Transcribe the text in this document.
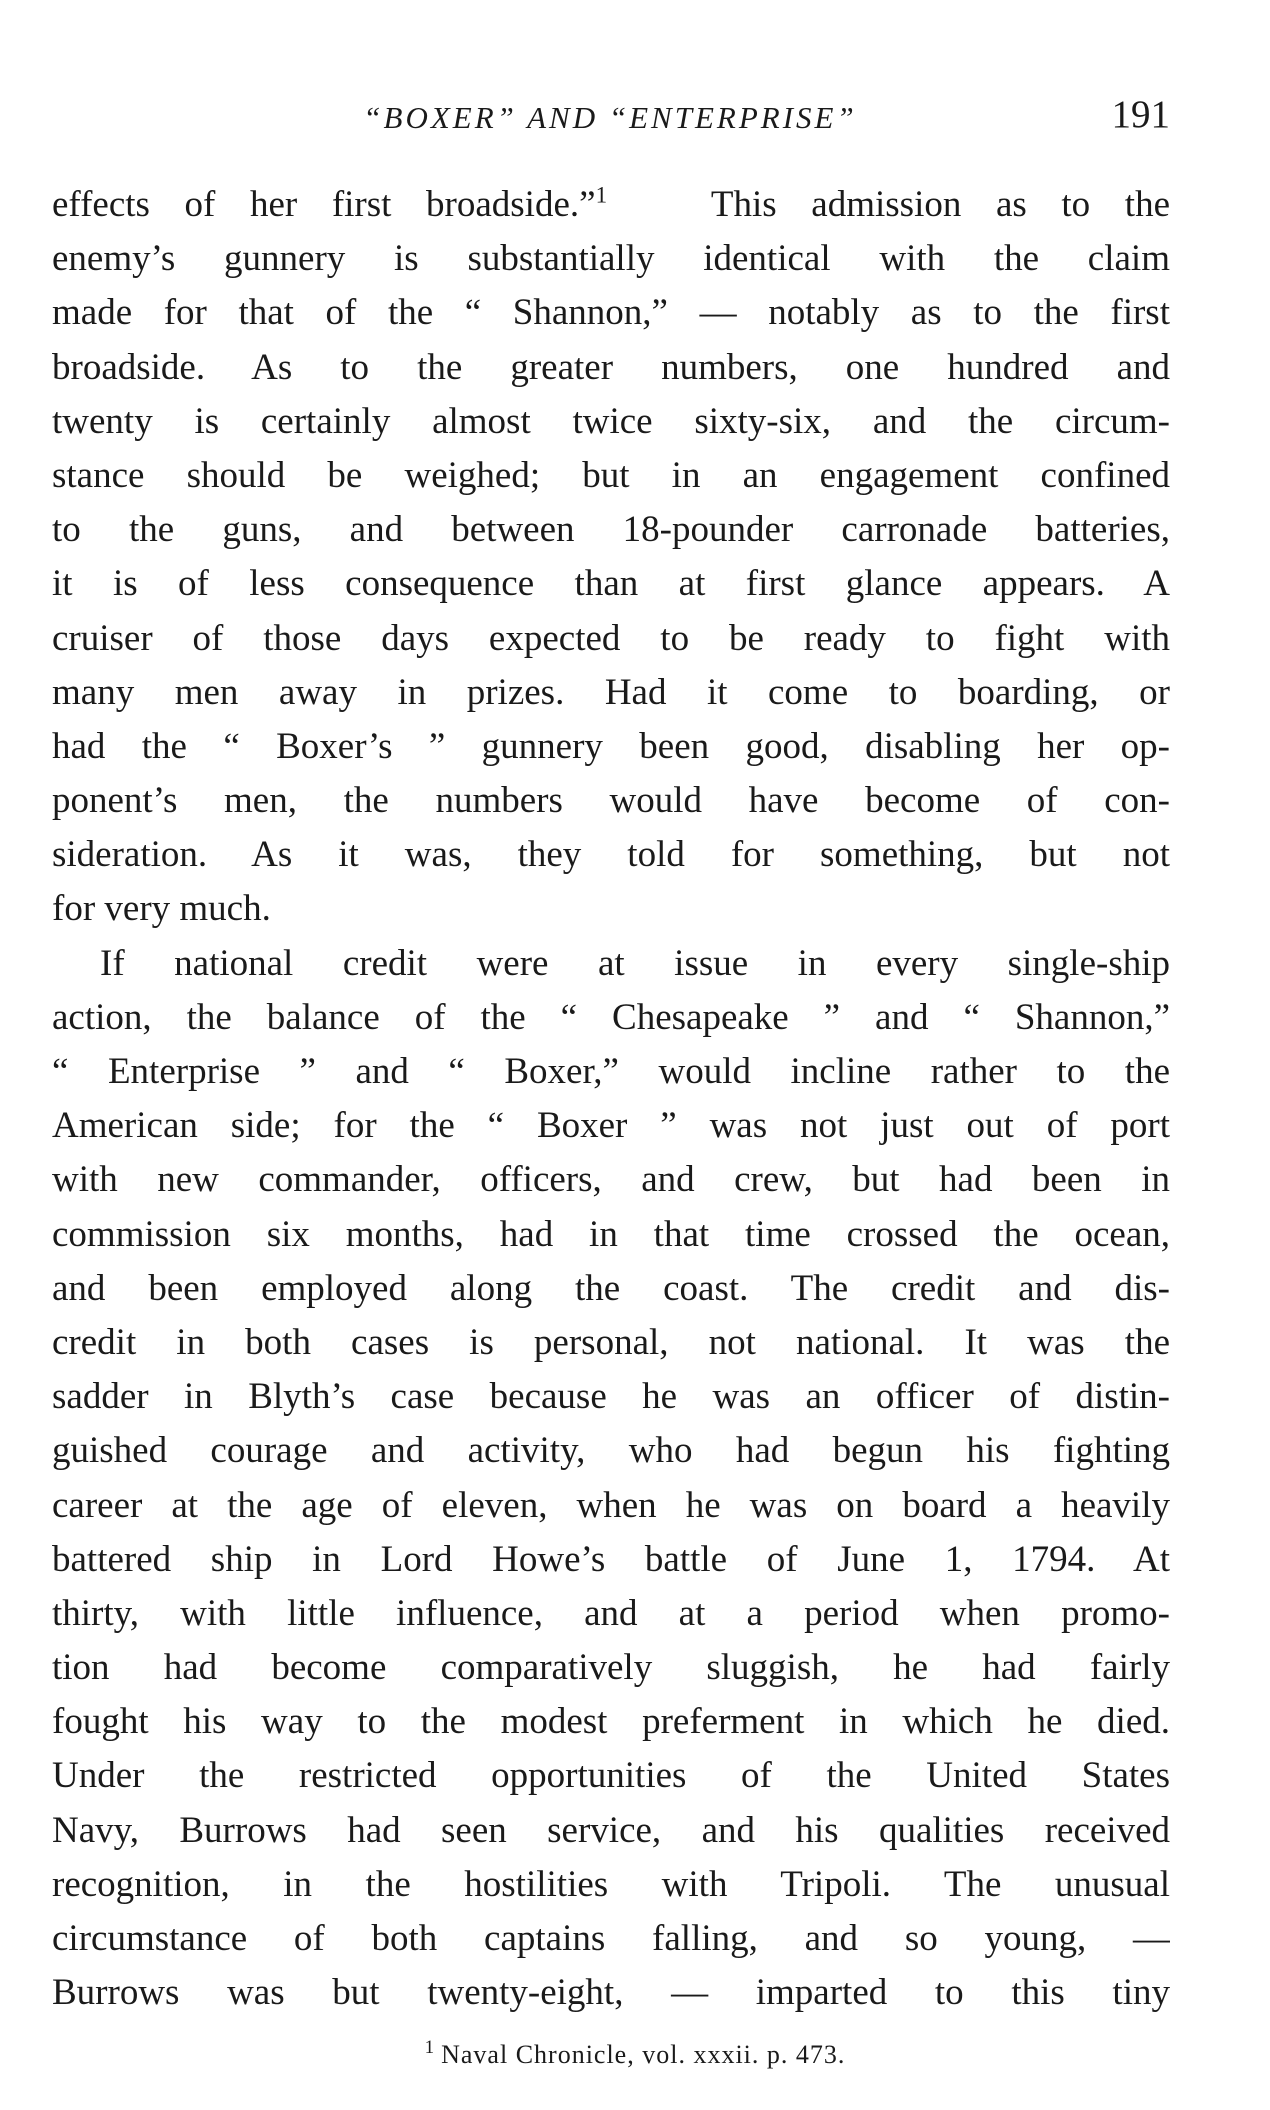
“BOXER” AND “ENTERPRISE”	191
effects of her first broadside.”$^1$	This admission as to the
enemy’s gunnery is substantially identical with the claim
made for that of the “ Shannon,” — notably as to the first
broadside. As to the greater numbers, one hundred and
twenty is certainly almost twice sixty-six, and the circum-
stance should be weighed; but in an engagement confined
to the guns, and between 18-pounder carronade batteries,
it is of less consequence than at first glance appears. A
cruiser of those days expected to be ready to fight with
many men away in prizes. Had it come to boarding, or
had the “ Boxer’s ” gunnery been good, disabling her op-
ponent’s men, the numbers would have become of con-
sideration. As it was, they told for something, but not
for very much.
If national credit were at issue in every single-ship
action, the balance of the “ Chesapeake ” and “ Shannon,”
“ Enterprise ” and “ Boxer,” would incline rather to the
American side; for the “ Boxer ” was not just out of port
with new commander, officers, and crew, but had been in
commission six months, had in that time crossed the ocean,
and been employed along the coast. The credit and dis-
credit in both cases is personal, not national. It was the
sadder in Blyth’s case because he was an officer of distin-
guished courage and activity, who had begun his fighting
career at the age of eleven, when he was on board a heavily
battered ship in Lord Howe’s battle of June 1, 1794. At
thirty, with little influence, and at a period when promo-
tion had become comparatively sluggish, he had fairly
fought his way to the modest preferment in which he died.
Under the restricted opportunities of the United States
Navy, Burrows had seen service, and his qualities received
recognition, in the hostilities with Tripoli. The unusual
circumstance of both captains falling, and so young, —
Burrows was but twenty-eight, — imparted to this tiny
$^1$ Naval Chronicle, vol. xxxii. p. 473.
